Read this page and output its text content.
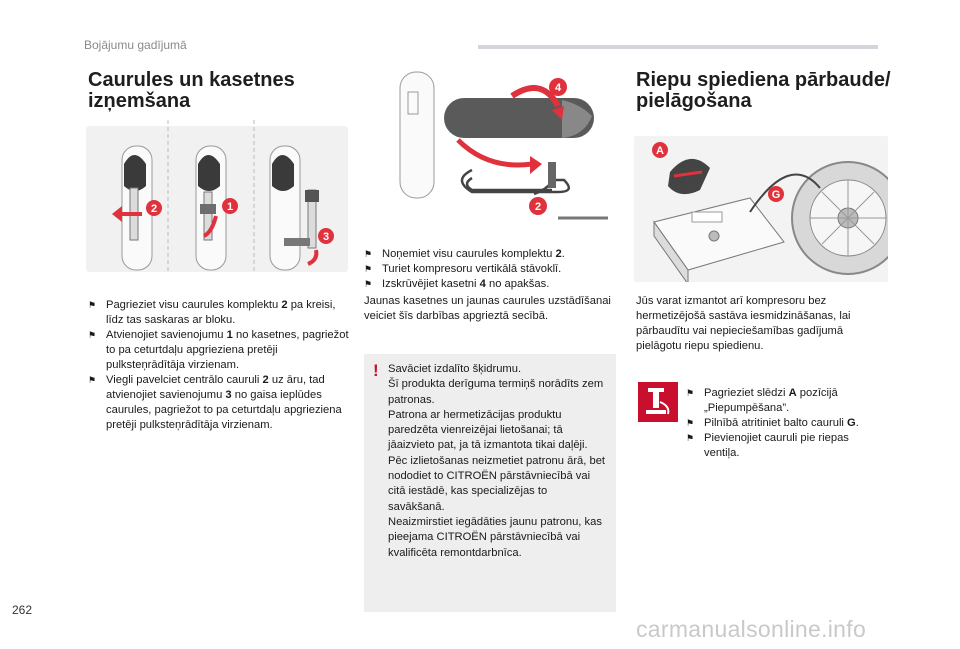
Bojājumu gadījumā
Caurules un kasetnes
izņemšana
2	1
3
⚑ Pagrieziet visu caurules komplektu 2 pa kreisi, līdz tas saskaras ar bloku.
⚑ Atvienojiet savienojumu 1 no kasetnes, pagriežot to pa ceturtdaļu apgrieziena pretēji pulksteņrādītāja virzienam.
⚑ Viegli pavelciet centrālo cauruli 2 uz āru, tad atvienojiet savienojumu 3 no gaisa ieplūdes caurules, pagriežot to pa ceturtdaļu apgrieziena pretēji pulksteņrādītāja virzienam.
4
2
⚑ Noņemiet visu caurules komplektu 2.
⚑ Turiet kompresoru vertikālā stāvoklī.
⚑ Izskrūvējiet kasetni 4 no apakšas.

Jaunas kasetnes un jaunas caurules uzstādīšanai veiciet šīs darbības apgrieztā secībā.

! Savāciet izdalīto šķidrumu.
Šī produkta derīguma termiņš norādīts zem patronas.
Patrona ar hermetizācijas produktu paredzēta vienreizējai lietošanai; tā jāaizvieto pat, ja tā izmantota tikai daļēji.
Pēc izlietošanas neizmetiet patronu ārā, bet nododiet to CITROËN pārstāvniecībā vai citā iestādē, kas specializējas to savākšanā.
Neaizmirstiet iegādāties jaunu patronu, kas pieejama CITROËN pārstāvniecībā vai kvalificēta remontdarbnīca.
Riepu spiediena pārbaude/
pielāgošana
A
G

Jūs varat izmantot arī kompresoru bez hermetizējošā sastāva iesmidzināšanas, lai pārbaudītu vai nepieciešamības gadījumā pielāgotu riepu spiedienu.

⚑ Pagrieziet slēdzi A pozīcijā „Piepumpēšana”.
⚑ Pilnībā atritiniet balto cauruli G.
⚑ Pievienojiet cauruli pie riepas ventiļa.
262
carmanualsonline.info
